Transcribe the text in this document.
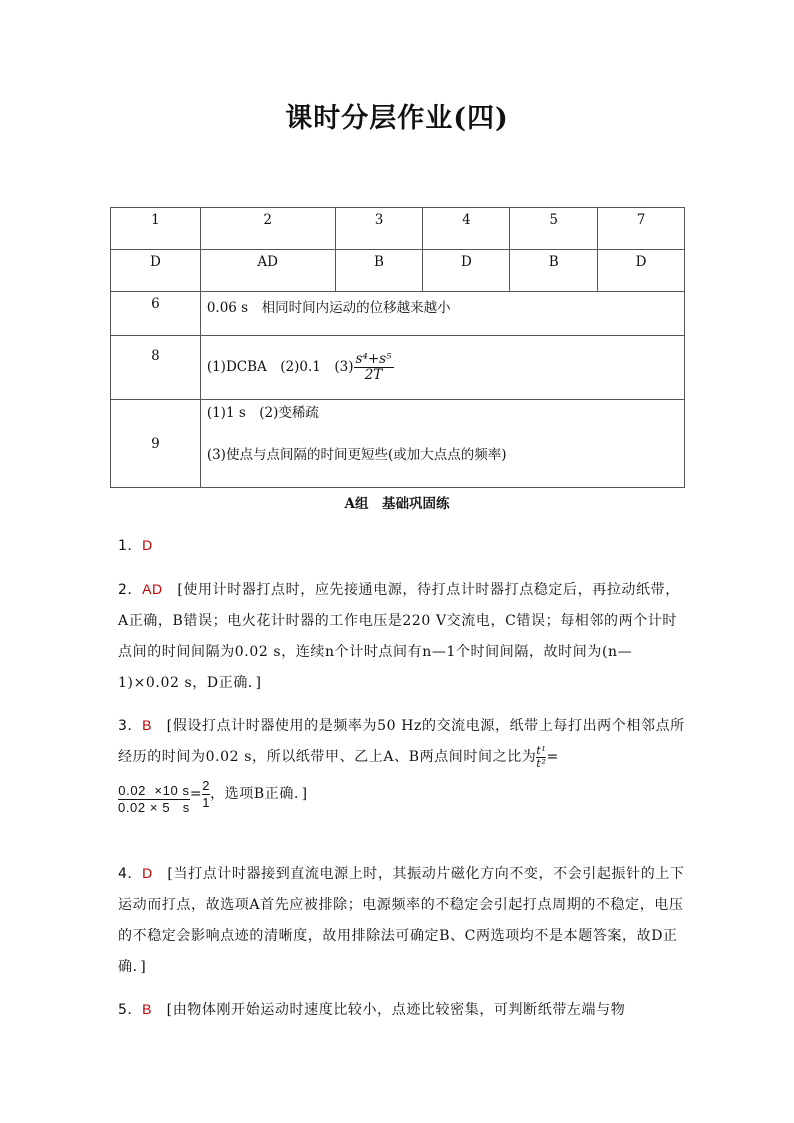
课时分层作业(四)
1	2	3	4	5	7

D	AD	B	D	B	D

6	0.06 s　相同时间内运动的位移越来越小				

8	(1)DCBA　(2)0.1　$(3) \frac{\text{s⁴+s⁵}}{2T}$

9	(1)1 s　(2)变稀疏
(3)使点与点间隔的时间更短些(或加大点点的频率)				
A组　基础巩固练
1．D
2．AD　[使用计时器打点时，应先接通电源，待打点计时器打点稳定后，再拉动纸带，A正确，B错误；电火花计时器的工作电压是220 V交流电，C错误；每相邻的两个计时点间的时间间隔为0.02 s，连续n个计时点间有n—1个时间间隔，故时间为(n—1)×0.02 s，D正确．]
3．B　[假设打点计时器使用的是频率为50 Hz的交流电源，纸带上每打出两个相邻点所经历的时间为0.02 s，所以纸带甲、乙上A、B两点间时间之比为 $\frac{\text{t¹}}{\text{t²}}$ =

$\frac{0.02 \times 10 s}{0.02 \times 5 s} = \frac{2}{1}$ ，选项B正确．]
4．D　[当打点计时器接到直流电源上时，其振动片磁化方向不变，不会引起振针的上下运动而打点，故选项A首先应被排除；电源频率的不稳定会引起打点周期的不稳定，电压的不稳定会影响点迹的清晰度，故用排除法可确定B、C两选项均不是本题答案，故D正确．]
5．B　[由物体刚开始运动时速度比较小，点迹比较密集，可判断纸带左端与物
